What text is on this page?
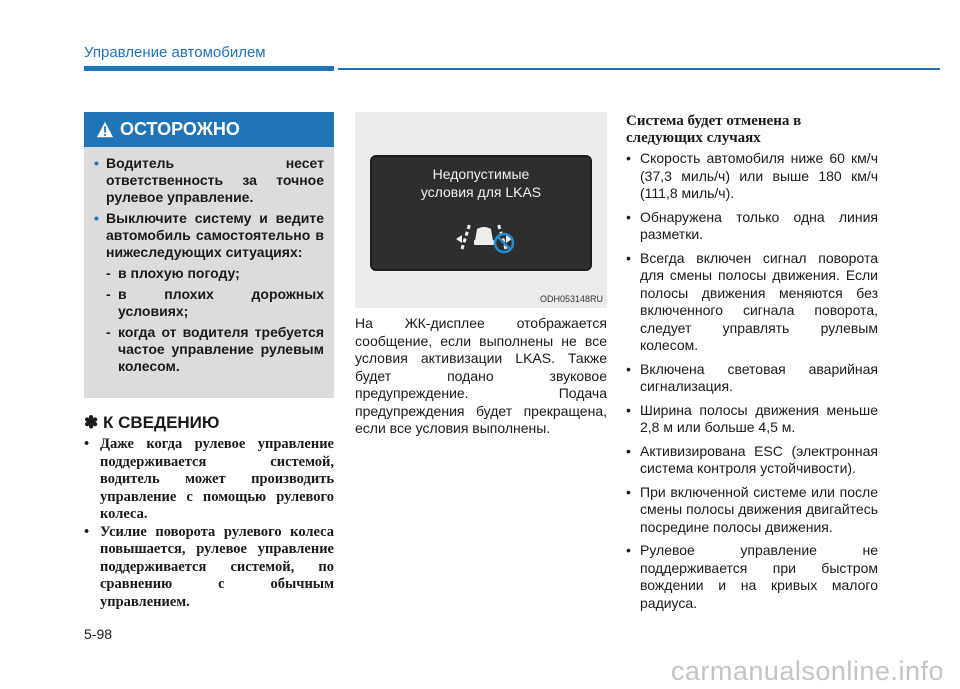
Управление автомобилем
ОСТОРОЖНО
• Водитель несет ответственность за точное рулевое управление.
• Выключите систему и ведите автомобиль самостоятельно в нижеследующих ситуациях:
- в плохую погоду;
- в плохих дорожных условиях;
- когда от водителя требуется частое управление рулевым колесом.
✽ К СВЕДЕНИЮ
• Даже когда рулевое управление поддерживается системой, водитель может производить управление с помощью рулевого колеса.
• Усилие поворота рулевого колеса повышается, рулевое управление поддерживается системой, по сравнению с обычным управлением.
Недопустимые
условия для LKAS
ODH053148RU
На ЖК-дисплее отображается сообщение, если выполнены не все условия активизации LKAS. Также будет подано звуковое предупреждение. Подача предупреждения будет прекращена, если все условия выполнены.
Система будет отменена в
следующих случаях
• Скорость автомобиля ниже 60 км/ч (37,3 миль/ч) или выше 180 км/ч (111,8 миль/ч).
• Обнаружена только одна линия разметки.
• Всегда включен сигнал поворота для смены полосы движения. Если полосы движения меняются без включенного сигнала поворота, следует управлять рулевым колесом.
• Включена световая аварийная сигнализация.
• Ширина полосы движения меньше 2,8 м или больше 4,5 м.
• Активизирована ESC (электронная система контроля устойчивости).
• При включенной системе или после смены полосы движения двигайтесь посредине полосы движения.
• Рулевое управление не поддерживается при быстром вождении и на кривых малого радиуса.
5-98
carmanualsonline.info
